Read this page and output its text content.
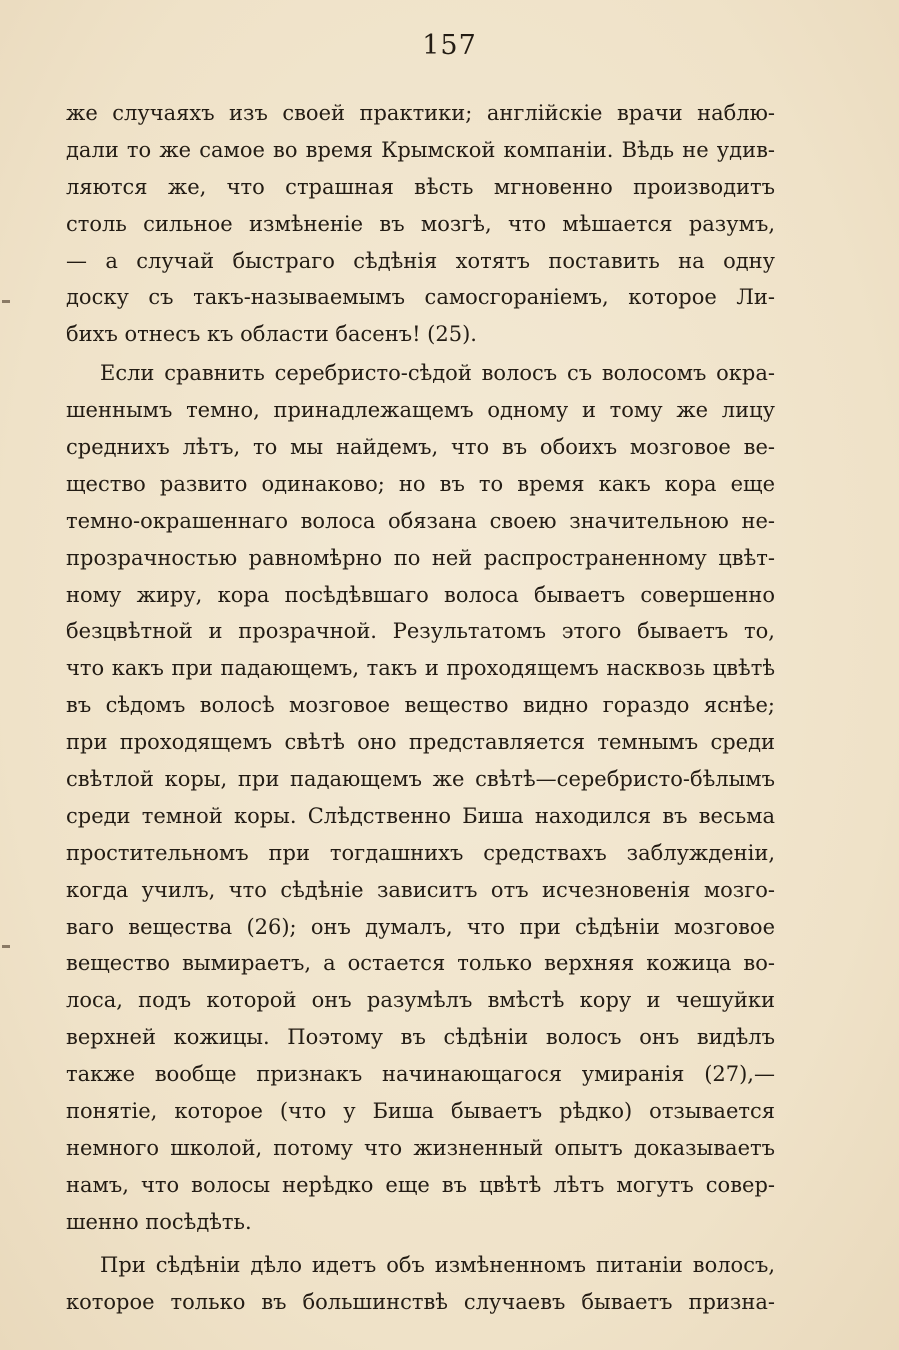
157
же случаяхъ изъ своей практики; англійскіе врачи наблю-
дали то же самое во время Крымской компаніи. Вѣдь не удив-
ляются же, что страшная вѣсть мгновенно производитъ
столь сильное измѣненіе въ мозгѣ, что мѣшается разумъ,
— а случай быстраго сѣдѣнія хотятъ поставить на одну
доску съ такъ-называемымъ самосгораніемъ, которое Ли-
бихъ отнесъ къ области басенъ! (25).
Если сравнить серебристо-сѣдой волосъ съ волосомъ окра-
шеннымъ темно, принадлежащемъ одному и тому же лицу
среднихъ лѣтъ, то мы найдемъ, что въ обоихъ мозговое ве-
щество развито одинаково; но въ то время какъ кора еще
темно-окрашеннаго волоса обязана своею значительною не-
прозрачностью равномѣрно по ней распространенному цвѣт-
ному жиру, кора посѣдѣвшаго волоса бываетъ совершенно
безцвѣтной и прозрачной. Результатомъ этого бываетъ то,
что какъ при падающемъ, такъ и проходящемъ насквозь цвѣтѣ
въ сѣдомъ волосѣ мозговое вещество видно гораздо яснѣе;
при проходящемъ свѣтѣ оно представляется темнымъ среди
свѣтлой коры, при падающемъ же свѣтѣ—серебристо-бѣлымъ
среди темной коры. Слѣдственно Биша находился въ весьма
простительномъ при тогдашнихъ средствахъ заблужденіи,
когда училъ, что сѣдѣніе зависитъ отъ исчезновенія мозго-
ваго вещества (26); онъ думалъ, что при сѣдѣніи мозговое
вещество вымираетъ, а остается только верхняя кожица во-
лоса, подъ которой онъ разумѣлъ вмѣстѣ кору и чешуйки
верхней кожицы. Поэтому въ сѣдѣніи волосъ онъ видѣлъ
также вообще признакъ начинающагося умиранія (27),—
понятіе, которое (что у Биша бываетъ рѣдко) отзывается
немного школой, потому что жизненный опытъ доказываетъ
намъ, что волосы нерѣдко еще въ цвѣтѣ лѣтъ могутъ совер-
шенно посѣдѣть.
При сѣдѣніи дѣло идетъ объ измѣненномъ питаніи волосъ,
которое только въ большинствѣ случаевъ бываетъ призна-
